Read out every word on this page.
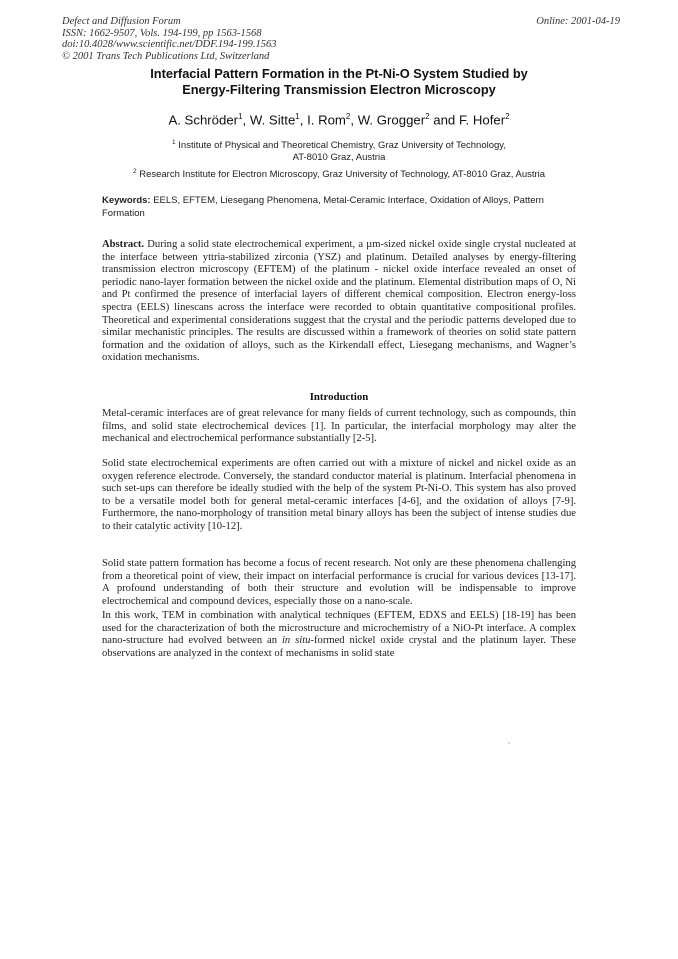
Defect and Diffusion Forum
ISSN: 1662-9507, Vols. 194-199, pp 1563-1568
doi:10.4028/www.scientific.net/DDF.194-199.1563
© 2001 Trans Tech Publications Ltd, Switzerland
Online: 2001-04-19
Interfacial Pattern Formation in the Pt-Ni-O System Studied by
Energy-Filtering Transmission Electron Microscopy
A. Schröder$^1$, W. Sitte$^1$, I. Rom$^2$, W. Grogger$^2$ and F. Hofer$^2$
$^1$ Institute of Physical and Theoretical Chemistry, Graz University of Technology,
AT-8010 Graz, Austria
$^2$ Research Institute for Electron Microscopy, Graz University of Technology, AT-8010 Graz, Austria
Keywords: EELS, EFTEM, Liesegang Phenomena, Metal-Ceramic Interface, Oxidation of Alloys, Pattern Formation
Abstract. During a solid state electrochemical experiment, a µm-sized nickel oxide single crystal nucleated at the interface between yttria-stabilized zirconia (YSZ) and platinum. Detailed analyses by energy-filtering transmission electron microscopy (EFTEM) of the platinum - nickel oxide interface revealed an onset of periodic nano-layer formation between the nickel oxide and the platinum. Elemental distribution maps of O, Ni and Pt confirmed the presence of interfacial layers of different chemical composition. Electron energy-loss spectra (EELS) linescans across the interface were recorded to obtain quantitative compositional profiles. Theoretical and experimental considerations suggest that the crystal and the periodic patterns developed due to similar mechanistic principles. The results are discussed within a framework of theories on solid state pattern formation and the oxidation of alloys, such as the Kirkendall effect, Liesegang mechanisms, and Wagner’s oxidation mechanisms.
Introduction

Metal-ceramic interfaces are of great relevance for many fields of current technology, such as compounds, thin films, and solid state electrochemical devices [1]. In particular, the interfacial morphology may alter the mechanical and electrochemical performance substantially [2-5].

Solid state electrochemical experiments are often carried out with a mixture of nickel and nickel oxide as an oxygen reference electrode. Conversely, the standard conductor material is platinum. Interfacial phenomena in such set-ups can therefore be ideally studied with the help of the system Pt-Ni-O. This system has also proved to be a versatile model both for general metal-ceramic interfaces [4-6], and the oxidation of alloys [7-9]. Furthermore, the nano-morphology of transition metal binary alloys has been the subject of intense studies due to their catalytic activity [10-12].

Solid state pattern formation has become a focus of recent research. Not only are these phenomena challenging from a theoretical point of view, their impact on interfacial performance is crucial for various devices [13-17]. A profound understanding of both their structure and evolution will be indispensable to improve electrochemical and compound devices, especially those on a nano-scale.

In this work, TEM in combination with analytical techniques (EFTEM, EDXS and EELS) [18-19] has been used for the characterization of both the microstructure and microchemistry of a NiO-Pt interface. A complex nano-structure had evolved between an in situ-formed nickel oxide crystal and the platinum layer. These observations are analyzed in the context of mechanisms in solid state
